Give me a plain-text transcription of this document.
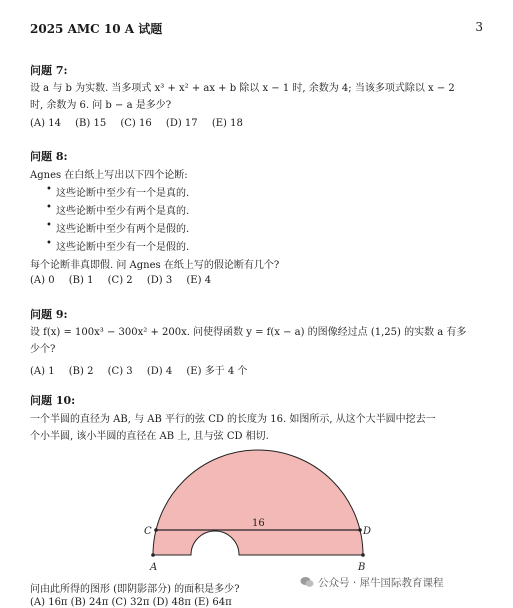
2025 AMC 10 A 试题	3
问题 7:
设 a 与 b 为实数. 当多项式 x³ + x² + ax + b 除以 x − 1 时, 余数为 4; 当该多项式除以 x − 2
时, 余数为 6. 问 b − a 是多少?
(A) 14 (B) 15 (C) 16 (D) 17 (E) 18
问题 8:
Agnes 在白纸上写出以下四个论断:
• 这些论断中至少有一个是真的.
• 这些论断中至少有两个是真的.
• 这些论断中至少有两个是假的.
• 这些论断中至少有一个是假的.
每个论断非真即假. 问 Agnes 在纸上写的假论断有几个?
(A) 0 (B) 1 (C) 2 (D) 3 (E) 4
问题 9:
设 f(x) = 100x³ − 300x² + 200x. 问使得函数 y = f(x − a) 的图像经过点 (1,25) 的实数 a 有多
少个?
(A) 1 (B) 2 (C) 3 (D) 4 (E) 多于 4 个
问题 10:
一个半圆的直径为 AB, 与 AB 平行的弦 CD 的长度为 16. 如图所示, 从这个大半圆中挖去一
个小半圆, 该小半圆的直径在 AB 上, 且与弦 CD 相切.
A	B
C	D
16
问由此所得的图形 (即阴影部分) 的面积是多少?
公众号 · 犀牛国际教育课程
(A) 16π (B) 24π (C) 32π (D) 48π (E) 64π
